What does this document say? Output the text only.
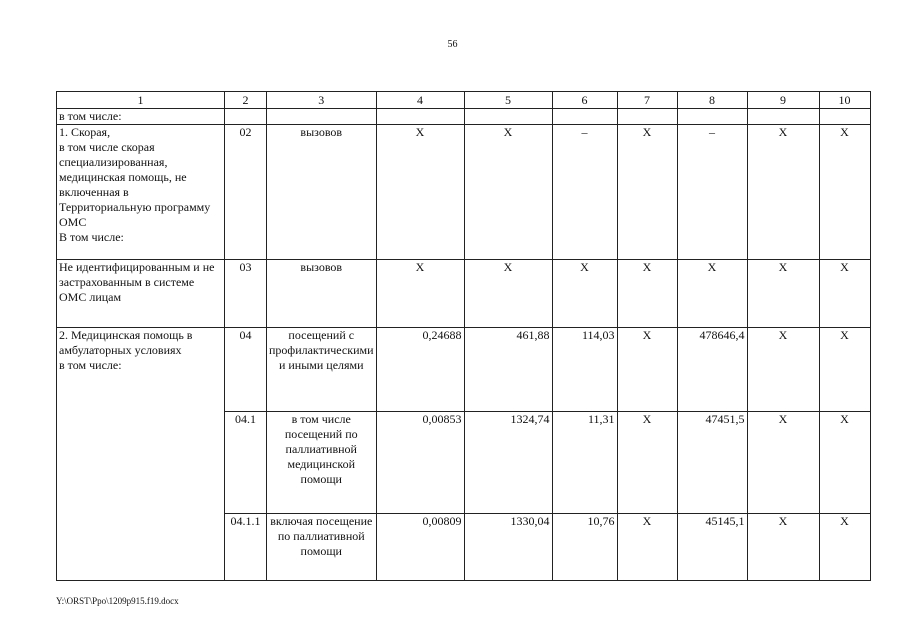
56
1	2	3	4	5	6	7	8	9	10
в том числе:									
1. Скорая,
в том числе скорая специализированная, медицинская помощь, не включенная в Территориальную программу ОМС
В том числе:	02	вызовов	Х	Х	–	Х	–	Х	Х
Не идентифицированным и не застрахованным в системе ОМС лицам	03	вызовов	Х	Х	Х	Х	Х	Х	Х
2. Медицинская помощь в амбулаторных условиях
в том числе:	04	посещений с профилактическими и иными целями	0,24688	461,88	114,03	Х	478646,4	Х	Х
	04.1	в том числе посещений по паллиативной медицинской помощи	0,00853	1324,74	11,31	Х	47451,5	Х	Х
	04.1.1	включая посещение по паллиативной помощи	0,00809	1330,04	10,76	Х	45145,1	Х	Х
Y:\ORST\Ppo\1209p915.f19.docx
